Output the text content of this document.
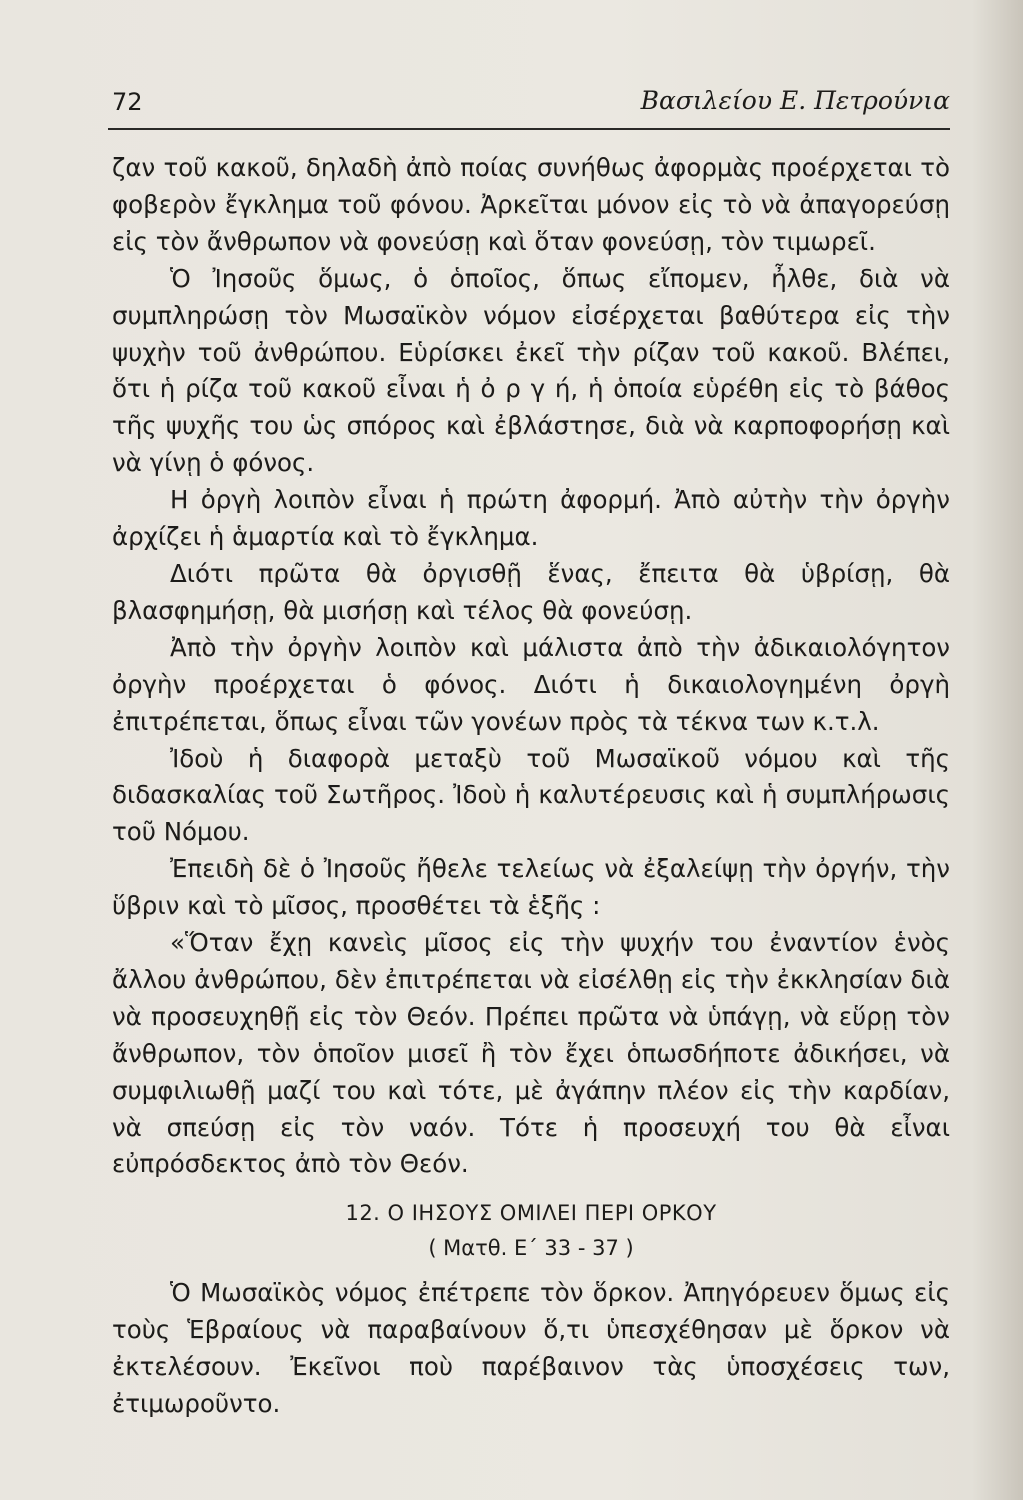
72	Βασιλείου Ε. Πετρούνια

ζαν τοῦ κακοῦ, δηλαδὴ ἀπὸ ποίας συνήθως ἀφορμὰς προέρχεται τὸ φοβερὸν ἔγκλημα τοῦ φόνου. Ἀρκεῖται μόνον εἰς τὸ νὰ ἀπαγορεύσῃ εἰς τὸν ἄνθρωπον νὰ φονεύσῃ καὶ ὅταν φονεύσῃ, τὸν τιμωρεῖ.

Ὁ Ἰησοῦς ὅμως, ὁ ὁποῖος, ὅπως εἴπομεν, ἦλθε, διὰ νὰ συμπληρώσῃ τὸν Μωσαϊκὸν νόμον εἰσέρχεται βαθύτερα εἰς τὴν ψυχὴν τοῦ ἀνθρώπου. Εὑρίσκει ἐκεῖ τὴν ρίζαν τοῦ κακοῦ. Βλέπει, ὅτι ἡ ρίζα τοῦ κακοῦ εἶναι ἡ ὀ ρ γ ή, ἡ ὁποία εὑρέθη εἰς τὸ βάθος τῆς ψυχῆς του ὡς σπόρος καὶ ἐβλάστησε, διὰ νὰ καρποφορήσῃ καὶ νὰ γίνῃ ὁ φόνος.

Η ὀργὴ λοιπὸν εἶναι ἡ πρώτη ἀφορμή. Ἀπὸ αὐτὴν τὴν ὀργὴν ἀρχίζει ἡ ἁμαρτία καὶ τὸ ἔγκλημα.

Διότι πρῶτα θὰ ὀργισθῇ ἕνας, ἔπειτα θὰ ὑβρίσῃ, θὰ βλασφημήσῃ, θὰ μισήσῃ καὶ τέλος θὰ φονεύσῃ.

Ἀπὸ τὴν ὀργὴν λοιπὸν καὶ μάλιστα ἀπὸ τὴν ἀδικαιολόγητον ὀργὴν προέρχεται ὁ φόνος. Διότι ἡ δικαιολογημένη ὀργὴ ἐπιτρέπεται, ὅπως εἶναι τῶν γονέων πρὸς τὰ τέκνα των κ.τ.λ.

Ἰδοὺ ἡ διαφορὰ μεταξὺ τοῦ Μωσαϊκοῦ νόμου καὶ τῆς διδασκαλίας τοῦ Σωτῆρος. Ἰδοὺ ἡ καλυτέρευσις καὶ ἡ συμπλήρωσις τοῦ Νόμου.

Ἐπειδὴ δὲ ὁ Ἰησοῦς ἤθελε τελείως νὰ ἐξαλείψῃ τὴν ὀργήν, τὴν ὕβριν καὶ τὸ μῖσος, προσθέτει τὰ ἑξῆς :

«Ὅταν ἔχῃ κανεὶς μῖσος εἰς τὴν ψυχήν του ἐναντίον ἑνὸς ἄλλου ἀνθρώπου, δὲν ἐπιτρέπεται νὰ εἰσέλθῃ εἰς τὴν ἐκκλησίαν διὰ νὰ προσευχηθῇ εἰς τὸν Θεόν. Πρέπει πρῶτα νὰ ὑπάγῃ, νὰ εὕρῃ τὸν ἄνθρωπον, τὸν ὁποῖον μισεῖ ἢ τὸν ἔχει ὁπωσδήποτε ἀδικήσει, νὰ συμφιλιωθῇ μαζί του καὶ τότε, μὲ ἀγάπην πλέον εἰς τὴν καρδίαν, νὰ σπεύσῃ εἰς τὸν ναόν. Τότε ἡ προσευχή του θὰ εἶναι εὐπρόσδεκτος ἀπὸ τὸν Θεόν.

12. Ο ΙΗΣΟΥΣ ΟΜΙΛΕΙ ΠΕΡΙ ΟΡΚΟΥ
( Ματθ. Ε΄ 33 - 37 )

Ὁ Μωσαϊκὸς νόμος ἐπέτρεπε τὸν ὅρκον. Ἀπηγόρευεν ὅμως εἰς τοὺς Ἑβραίους νὰ παραβαίνουν ὅ,τι ὑπεσχέθησαν μὲ ὅρκον νὰ ἐκτελέσουν. Ἐκεῖνοι ποὺ παρέβαινον τὰς ὑποσχέσεις των, ἐτιμωροῦντο.
